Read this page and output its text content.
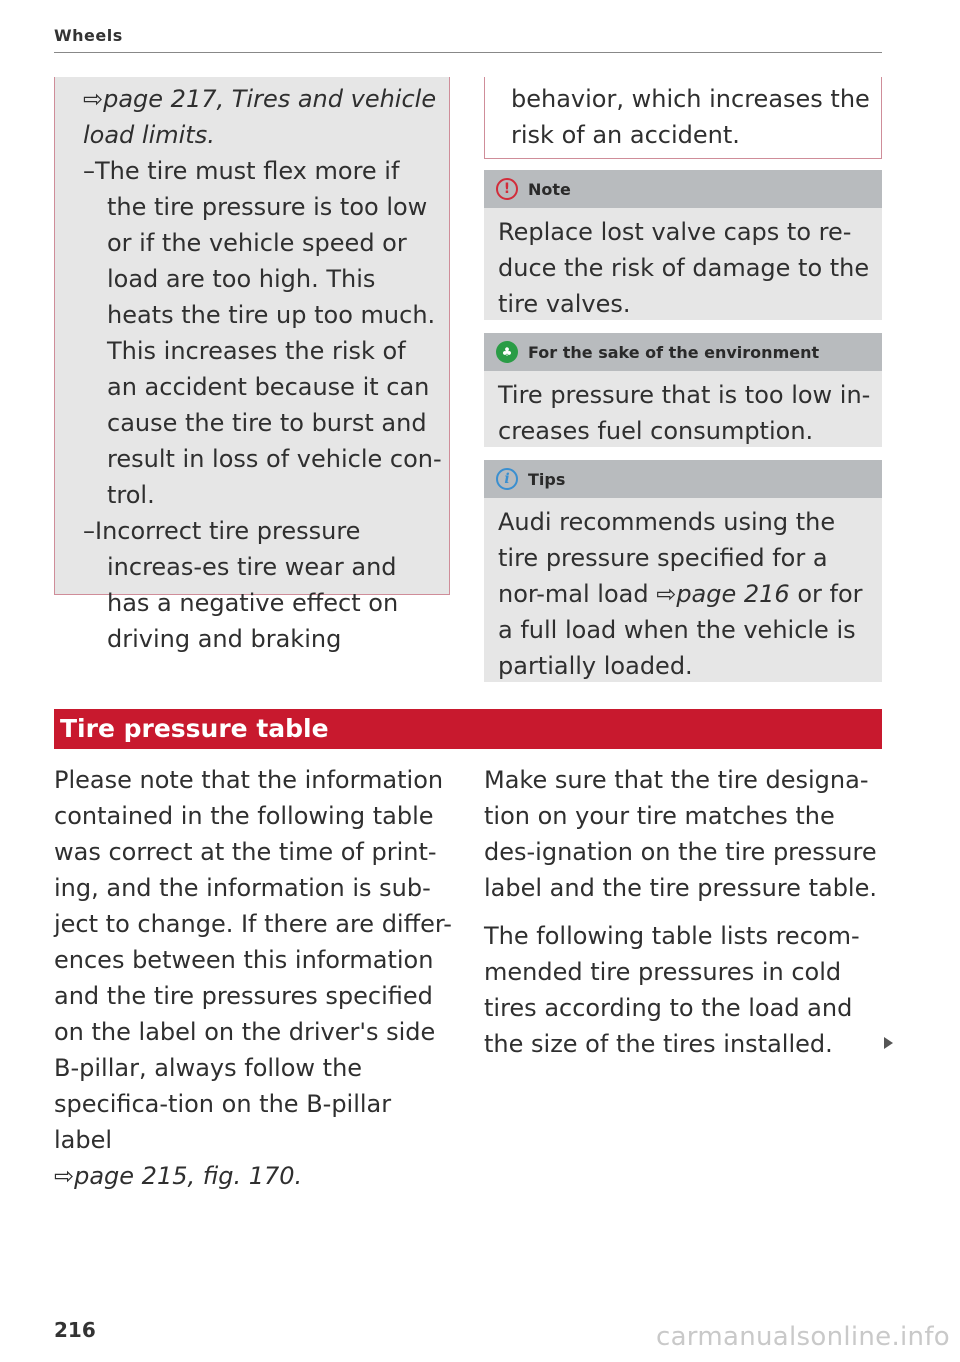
Wheels

⇨page 217, Tires and vehicle

load limits.

–The tire must flex more if the tire pressure is too low or if the vehicle speed or load are too high. This heats the tire up too much. This increases the risk of an accident because it can cause the tire to burst and result in loss of vehicle con-trol.

–Incorrect tire pressure increas-es tire wear and has a negative effect on driving and braking

behavior, which increases the risk of an accident.
!	Note
Replace lost valve caps to re-duce the risk of damage to the tire valves.
♣ For the sake of the environment
Tire pressure that is too low in-creases fuel consumption.
i	Tips
Audi recommends using the tire pressure specified for a nor-mal load ⇨page 216 or for a full load when the vehicle is partially loaded.
Tire pressure table

Please note that the information contained in the following table was correct at the time of print-ing, and the information is sub-ject to change. If there are differ-ences between this information and the tire pressures specified on the label on the driver's side B-pillar, always follow the specifica-tion on the B-pillar label
⇨page 215, fig. 170.

Make sure that the tire designa-tion on your tire matches the des-ignation on the tire pressure label and the tire pressure table.

The following table lists recom-mended tire pressures in cold tires according to the load and the size of the tires installed.

216	carmanualsonline.info
